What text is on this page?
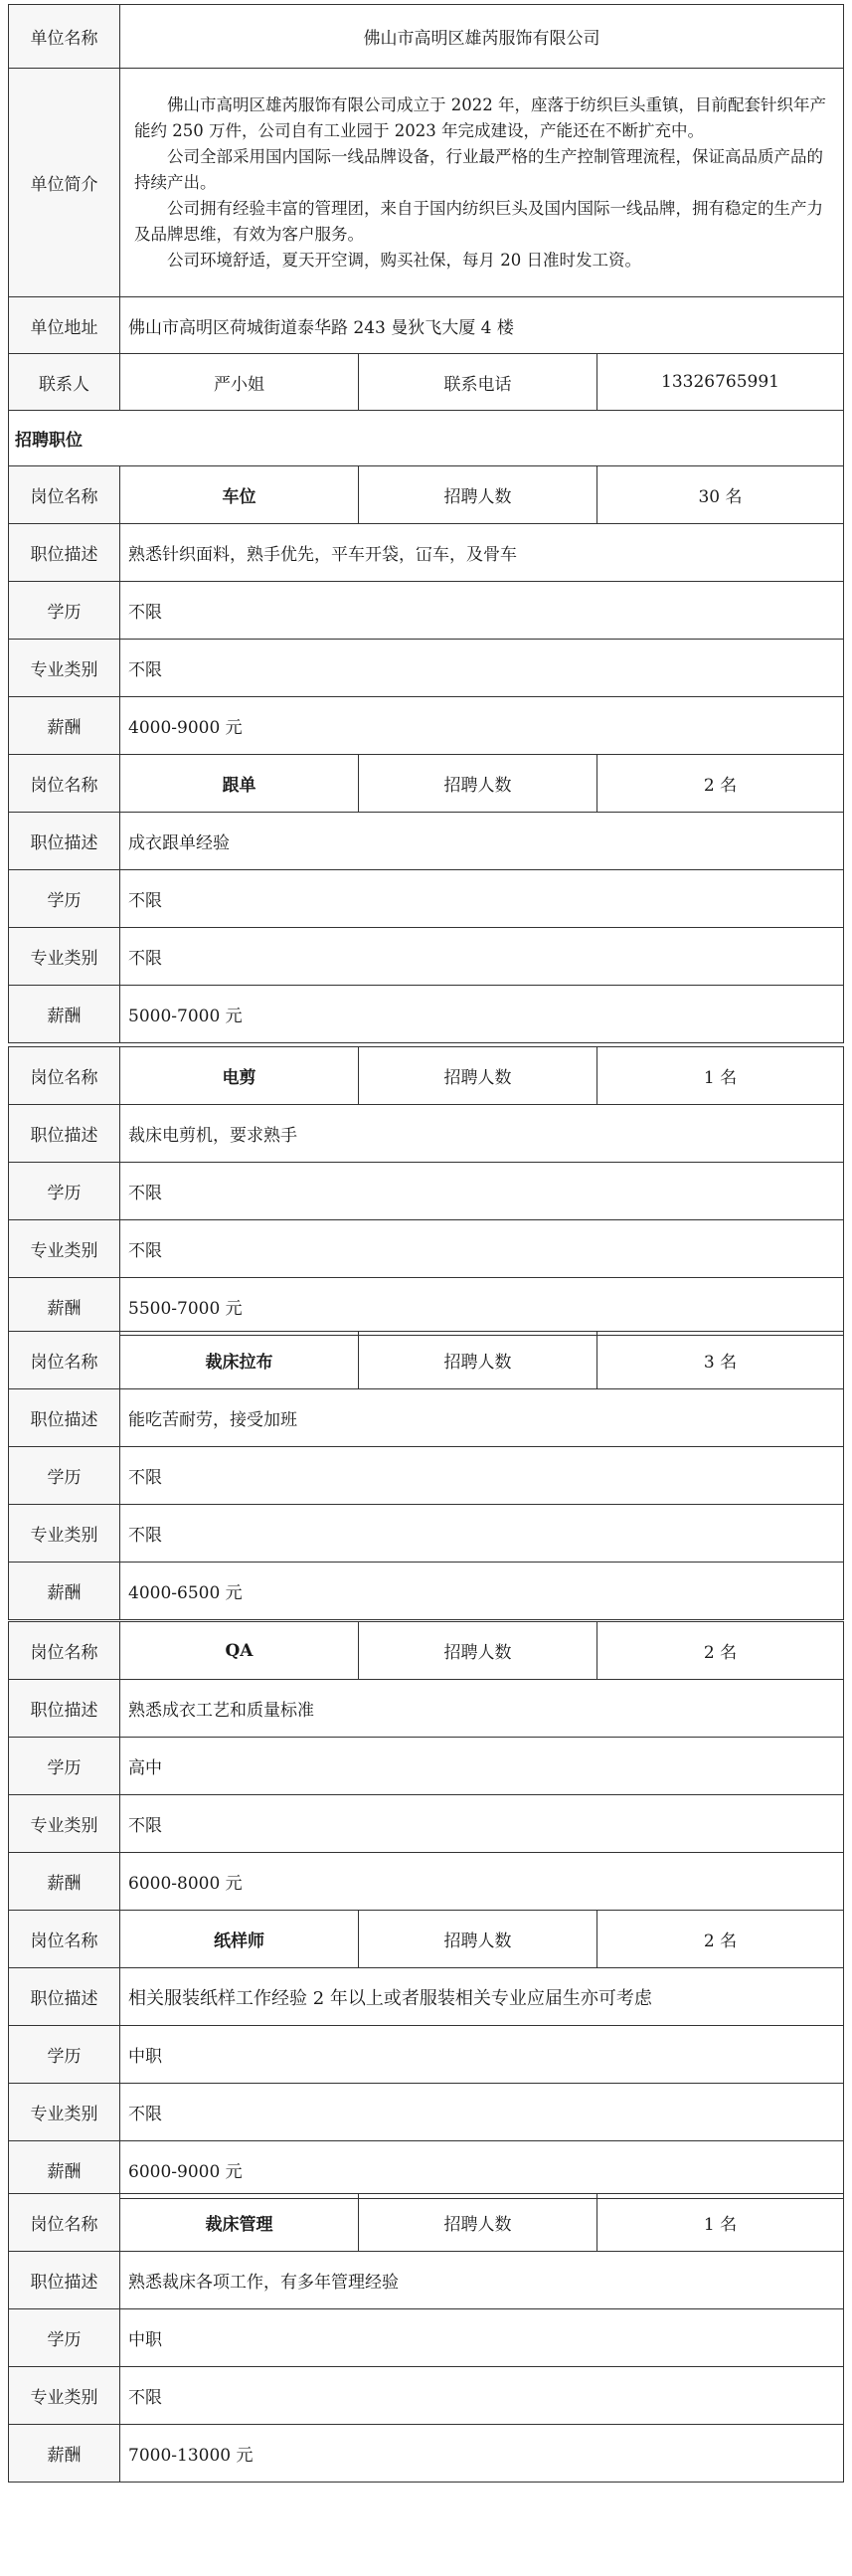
单位名称	佛山市高明区雄芮服饰有限公司		
单位简介	佛山市高明区雄芮服饰有限公司成立于 2022 年，座落于纺织巨头重镇，目前配套针织年产能约 250 万件，公司自有工业园于 2023 年完成建设，产能还在不断扩充中。

公司全部采用国内国际一线品牌设备，行业最严格的生产控制管理流程，保证高品质产品的持续产出。

公司拥有经验丰富的管理团，来自于国内纺织巨头及国内国际一线品牌，拥有稳定的生产力及品牌思维，有效为客户服务。

公司环境舒适，夏天开空调，购买社保，每月 20 日准时发工资。		

单位地址	佛山市高明区荷城街道泰华路 243 曼狄飞大厦 4 楼		
联系人	严小姐	联系电话	13326765991
招聘职位			
岗位名称	车位	招聘人数	30 名
职位描述	熟悉针织面料，熟手优先，平车开袋，冚车，及骨车		
学历	不限		
专业类别	不限		
薪酬	4000-9000 元		
岗位名称	跟单	招聘人数	2 名
职位描述	成衣跟单经验		
学历	不限		
专业类别	不限		
薪酬	5000-7000 元		
岗位名称	电剪	招聘人数	1 名
职位描述	裁床电剪机，要求熟手		
学历	不限		
专业类别	不限		
薪酬	5500-7000 元		
岗位名称	裁床拉布	招聘人数	3 名
职位描述	能吃苦耐劳，接受加班		
学历	不限		
专业类别	不限		
薪酬	4000-6500 元		
岗位名称	QA	招聘人数	2 名
职位描述	熟悉成衣工艺和质量标准		
学历	高中		
专业类别	不限		
薪酬	6000-8000 元		
岗位名称	纸样师	招聘人数	2 名
职位描述	相关服装纸样工作经验 2 年以上或者服装相关专业应届生亦可考虑		
学历	中职		
专业类别	不限		
薪酬	6000-9000 元		
岗位名称	裁床管理	招聘人数	1 名
职位描述	熟悉裁床各项工作，有多年管理经验		
学历	中职		
专业类别	不限		
薪酬	7000-13000 元		
